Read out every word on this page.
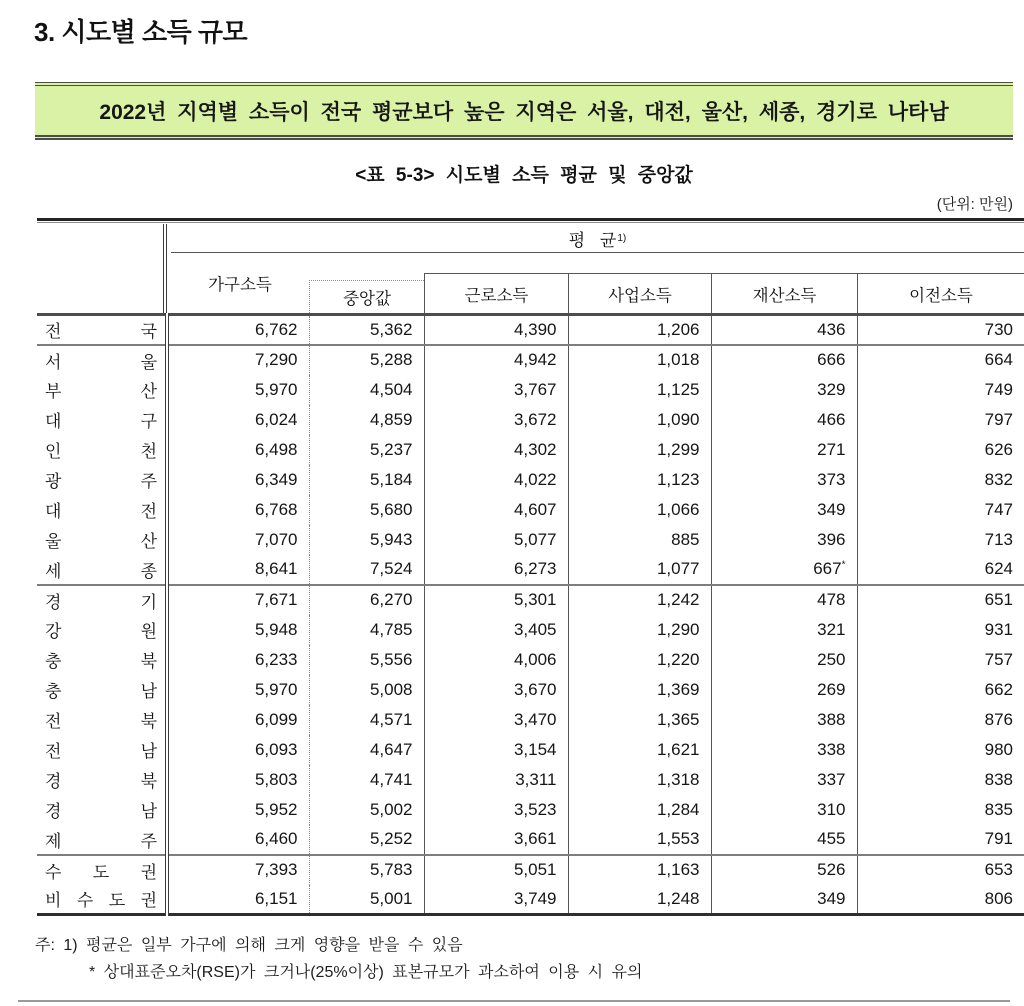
3. 시도별 소득 규모
2022년 지역별 소득이 전국 평균보다 높은 지역은 서울, 대전, 울산, 세종, 경기로 나타남
<표 5-3> 시도별 소득 평균 및 중앙값
(단위: 만원)
평 균 1)
가구소득
중앙값	근로소득	사업소득	재산소득	이전소득
전 국	6,762	5,362	4,390	1,206	436	730
서 울	7,290	5,288	4,942	1,018	666	664
부 산	5,970	4,504	3,767	1,125	329	749
대 구	6,024	4,859	3,672	1,090	466	797
인 천	6,498	5,237	4,302	1,299	271	626
광 주	6,349	5,184	4,022	1,123	373	832
대 전	6,768	5,680	4,607	1,066	349	747
울 산	7,070	5,943	5,077	885	396	713
세 종	8,641	7,524	6,273	1,077	667*	624
경 기	7,671	6,270	5,301	1,242	478	651
강 원	5,948	4,785	3,405	1,290	321	931
충 북	6,233	5,556	4,006	1,220	250	757
충 남	5,970	5,008	3,670	1,369	269	662
전 북	6,099	4,571	3,470	1,365	388	876
전 남	6,093	4,647	3,154	1,621	338	980
경 북	5,803	4,741	3,311	1,318	337	838
경 남	5,952	5,002	3,523	1,284	310	835
제 주	6,460	5,252	3,661	1,553	455	791
수 도 권	7,393	5,783	5,051	1,163	526	653
비 수 도 권	6,151	5,001	3,749	1,248	349	806
주: 1) 평균은 일부 가구에 의해 크게 영향을 받을 수 있음
* 상대표준오차(RSE)가 크거나(25%이상) 표본규모가 과소하여 이용 시 유의
